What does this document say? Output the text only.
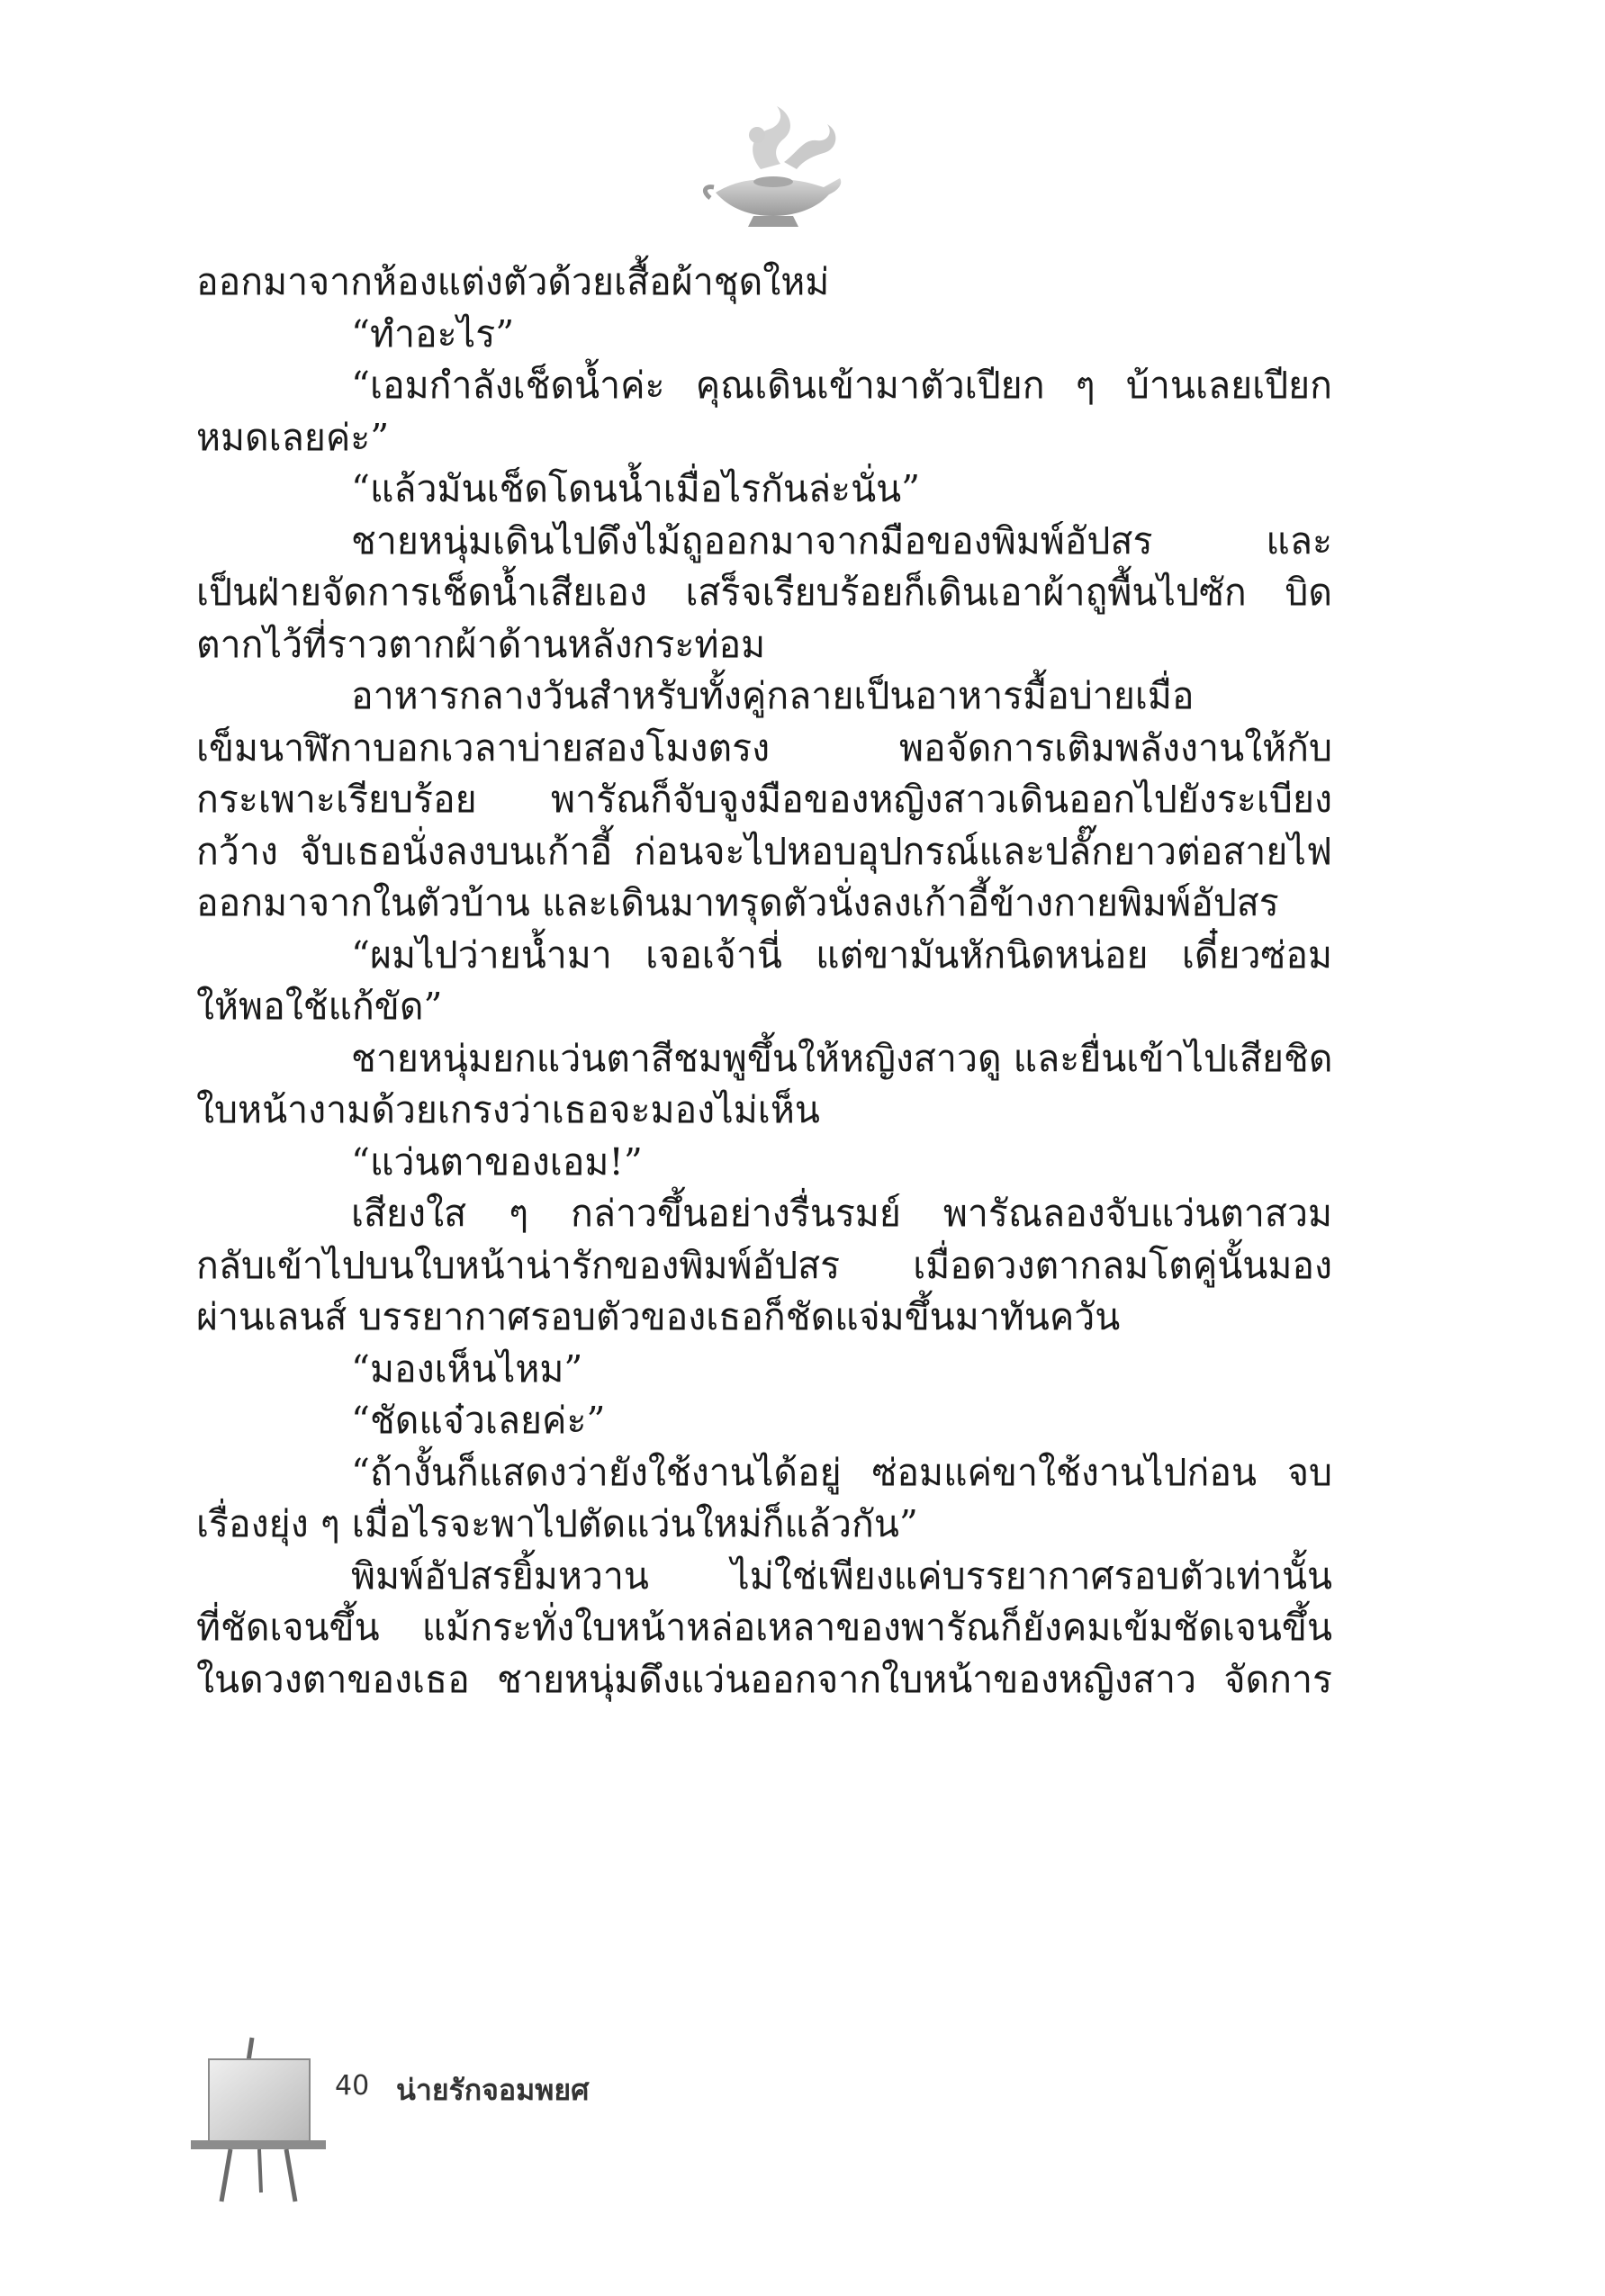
ออกมาจากห้องแต่งตัวด้วยเสื้อผ้าชุดใหม่
“ทำอะไร”
“เอมกำลังเช็ดน้ำค่ะ คุณเดินเข้ามาตัวเปียก ๆ บ้านเลยเปียก
หมดเลยค่ะ”
“แล้วมันเช็ดโดนน้ำเมื่อไรกันล่ะนั่น”
ชายหนุ่มเดินไปดึงไม้ถูออกมาจากมือของพิมพ์อัปสร และ
เป็นฝ่ายจัดการเช็ดน้ำเสียเอง เสร็จเรียบร้อยก็เดินเอาผ้าถูพื้นไปซัก บิด
ตากไว้ที่ราวตากผ้าด้านหลังกระท่อม
อาหารกลางวันสำหรับทั้งคู่กลายเป็นอาหารมื้อบ่ายเมื่อ
เข็มนาฬิกาบอกเวลาบ่ายสองโมงตรง พอจัดการเติมพลังงานให้กับ
กระเพาะเรียบร้อย พารัณก็จับจูงมือของหญิงสาวเดินออกไปยังระเบียง
กว้าง จับเธอนั่งลงบนเก้าอี้ ก่อนจะไปหอบอุปกรณ์และปลั๊กยาวต่อสายไฟ
ออกมาจากในตัวบ้าน และเดินมาทรุดตัวนั่งลงเก้าอี้ข้างกายพิมพ์อัปสร
“ผมไปว่ายน้ำมา เจอเจ้านี่ แต่ขามันหักนิดหน่อย เดี๋ยวซ่อม
ให้พอใช้แก้ขัด”
ชายหนุ่มยกแว่นตาสีชมพูขึ้นให้หญิงสาวดู และยื่นเข้าไปเสียชิด
ใบหน้างามด้วยเกรงว่าเธอจะมองไม่เห็น
“แว่นตาของเอม!”
เสียงใส ๆ กล่าวขึ้นอย่างรื่นรมย์ พารัณลองจับแว่นตาสวม
กลับเข้าไปบนใบหน้าน่ารักของพิมพ์อัปสร เมื่อดวงตากลมโตคู่นั้นมอง
ผ่านเลนส์ บรรยากาศรอบตัวของเธอก็ชัดแจ่มขึ้นมาทันควัน
“มองเห็นไหม”
“ชัดแจ๋วเลยค่ะ”
“ถ้างั้นก็แสดงว่ายังใช้งานได้อยู่ ซ่อมแค่ขาใช้งานไปก่อน จบ
เรื่องยุ่ง ๆ เมื่อไรจะพาไปตัดแว่นใหม่ก็แล้วกัน”
พิมพ์อัปสรยิ้มหวาน ไม่ใช่เพียงแค่บรรยากาศรอบตัวเท่านั้น
ที่ชัดเจนขึ้น แม้กระทั่งใบหน้าหล่อเหลาของพารัณก็ยังคมเข้มชัดเจนขึ้น
ในดวงตาของเธอ ชายหนุ่มดึงแว่นออกจากใบหน้าของหญิงสาว จัดการ
40 น่ายรักจอมพยศ
